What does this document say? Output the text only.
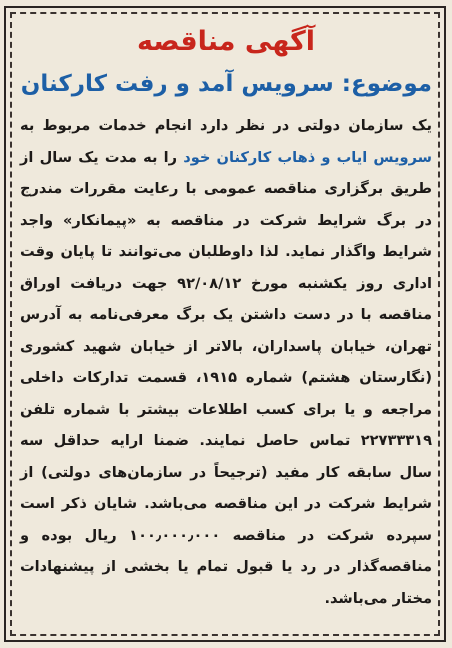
آگهی مناقصه
موضوع: سرویس آمد و رفت کارکنان

یک سازمان دولتی در نظر دارد انجام خدمات مربوط به سرویس ایاب و ذهاب کارکنان خود را به مدت یک سال از طریق برگزاری مناقصه عمومی با رعایت مقررات مندرج در برگ شرایط شرکت در مناقصه به «پیمانکار» واجد شرایط واگذار نماید. لذا داوطلبان می‌توانند تا پایان وقت اداری روز یکشنبه مورخ ۹۲/۰۸/۱۲ جهت دریافت اوراق مناقصه با در دست داشتن یک برگ معرفی‌نامه به آدرس تهران، خیابان پاسداران، بالاتر از خیابان شهید کشوری (نگارستان هشتم) شماره ۱۹۱۵، قسمت تدارکات داخلی مراجعه و یا برای کسب اطلاعات بیشتر با شماره تلفن ۲۲۷۳۳۳۱۹ تماس حاصل نمایند. ضمنا ارایه حداقل سه سال سابقه کار مفید (ترجیحاً در سازمان‌های دولتی) از شرایط شرکت در این مناقصه می‌باشد. شایان ذکر است سپرده شرکت در مناقصه ۱۰۰٫۰۰۰٫۰۰۰ ریال بوده و مناقصه‌گذار در رد یا قبول تمام یا بخشی از پیشنهادات مختار می‌باشد.
